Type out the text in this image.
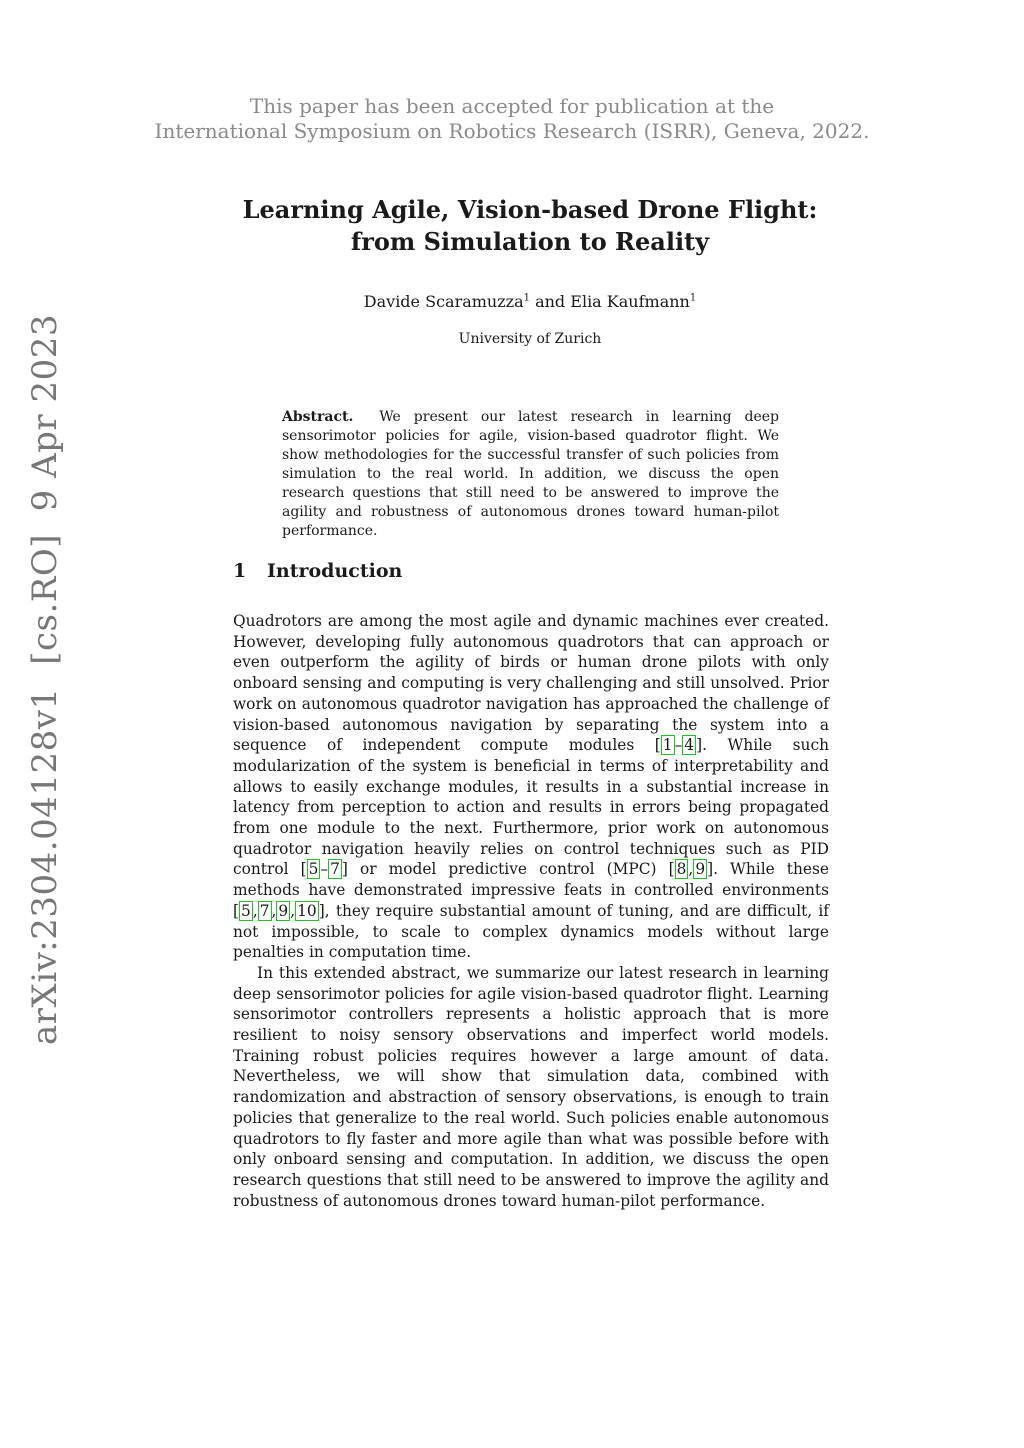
This paper has been accepted for publication at the
International Symposium on Robotics Research (ISRR), Geneva, 2022.
Learning Agile, Vision-based Drone Flight:
from Simulation to Reality
Davide Scaramuzza$^1$ and Elia Kaufmann$^1$
University of Zurich
Abstract. We present our latest research in learning deep sensorimotor policies for agile, vision-based quadrotor flight. We show methodologies for the successful transfer of such policies from simulation to the real world. In addition, we discuss the open research questions that still need to be answered to improve the agility and robustness of autonomous drones toward human-pilot performance.
1 Introduction

Quadrotors are among the most agile and dynamic machines ever created. However, developing fully autonomous quadrotors that can approach or even outperform the agility of birds or human drone pilots with only onboard sensing and computing is very challenging and still unsolved. Prior work on autonomous quadrotor navigation has approached the challenge of vision-based autonomous navigation by separating the system into a sequence of independent compute modules [ 1 – 4 ]. While such modularization of the system is beneficial in terms of interpretability and allows to easily exchange modules, it results in a substantial increase in latency from perception to action and results in errors being propagated from one module to the next. Furthermore, prior work on autonomous quadrotor navigation heavily relies on control techniques such as PID control [ 5 – 7 ] or model predictive control (MPC) [ 8 , 9 ]. While these methods have demonstrated impressive feats in controlled environments [ 5 , 7 , 9 , 10 ], they require substantial amount of tuning, and are difficult, if not impossible, to scale to complex dynamics models without large penalties in computation time.

In this extended abstract, we summarize our latest research in learning deep sensorimotor policies for agile vision-based quadrotor flight. Learning sensorimotor controllers represents a holistic approach that is more resilient to noisy sensory observations and imperfect world models. Training robust policies requires however a large amount of data. Nevertheless, we will show that simulation data, combined with randomization and abstraction of sensory observations, is enough to train policies that generalize to the real world. Such policies enable autonomous quadrotors to fly faster and more agile than what was possible before with only onboard sensing and computation. In addition, we discuss the open research questions that still need to be answered to improve the agility and robustness of autonomous drones toward human-pilot performance.

arXiv:2304.04128v1  [cs.RO]  9 Apr 2023
